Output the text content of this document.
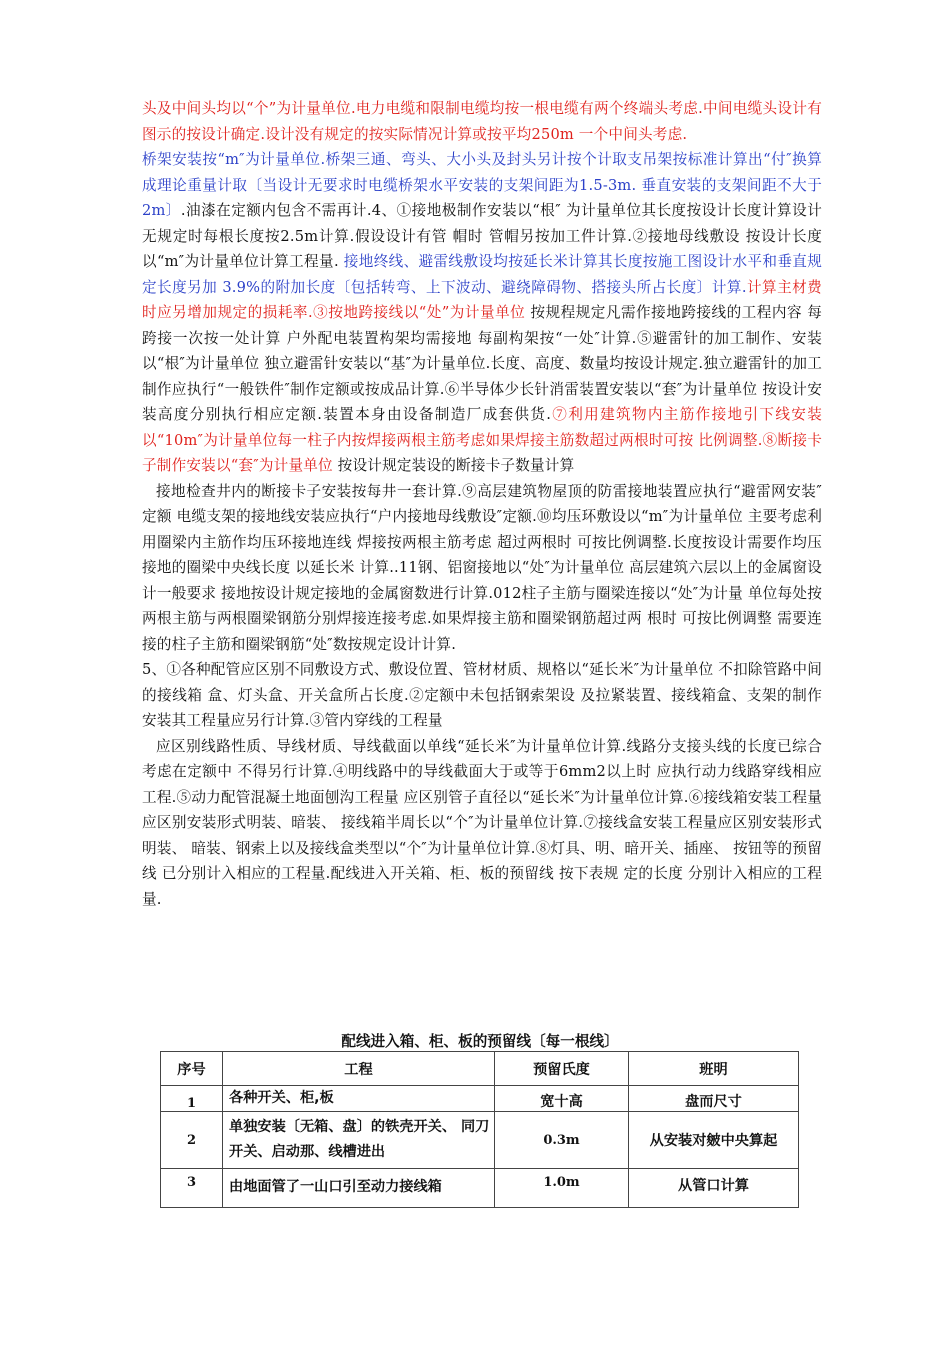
头及中间头均以“个”为计量单位.电力电缆和限制电缆均按一根电缆有两个终端头考虑.中间电缆头设计有图示的按设计确定.设计没有规定的按实际情况计算或按平均250m 一个中间头考虑.

桥架安装按“m″为计量单位.桥架三通、弯头、大小头及封头另计按个计取支吊架按标准计算出“付″换算成理论重量计取〔当设计无要求时电缆桥架水平安装的支架间距为1.5-3m. 垂直安装的支架间距不大于2m〕.油漆在定额内包含不需再计.4、①接地极制作安装以“根″ 为计量单位其长度按设计长度计算设计无规定时每根长度按2.5m计算.假设设计有管 帽时 管帽另按加工件计算.②接地母线敷设 按设计长度以“m″为计量单位计算工程量. 接地终线、避雷线敷设均按延长米计算其长度按施工图设计水平和垂直规定长度另加 3.9%的附加长度〔包括转弯、上下波动、避绕障碍物、搭接头所占长度〕计算.计算主材费时应另增加规定的损耗率.③按地跨接线以“处”为计量单位 按规程规定凡需作接地跨接线的工程内容 每跨接一次按一处计算 户外配电装置构架均需接地 每副构架按“一处″计算.⑤避雷针的加工制作、安装 以“根″为计量单位 独立避雷针安装以“基″为计量单位.长度、高度、数量均按设计规定.独立避雷针的加工制作应执行“一般铁件″制作定额或按成品计算.⑥半导体少长针消雷装置安装以“套″为计量单位 按设计安装高度分别执行相应定额.装置本身由设备制造厂成套供货.⑦利用建筑物内主筋作接地引下线安装以“10m″为计量单位每一柱子内按焊接两根主筋考虑如果焊接主筋数超过两根时可按 比例调整.⑧断接卡子制作安装以“套″为计量单位 按设计规定装设的断接卡子数量计算

接地检查井内的断接卡子安装按每井一套计算.⑨高层建筑物屋顶的防雷接地装置应执行“避雷网安装″定额 电缆支架的接地线安装应执行“户内接地母线敷设″定额.⑩均压环敷设以“m″为计量单位 主要考虑利用圈梁内主筋作均压环接地连线 焊接按两根主筋考虑 超过两根时 可按比例调整.长度按设计需要作均压接地的圈梁中央线长度 以延长米 计算..11钢、铝窗接地以“处″为计量单位 高层建筑六层以上的金属窗设计一般要求 接地按设计规定接地的金属窗数进行计算.012柱子主筋与圈梁连接以“处″为计量 单位每处按两根主筋与两根圈梁钢筋分别焊接连接考虑.如果焊接主筋和圈梁钢筋超过两 根时 可按比例调整 需要连接的柱子主筋和圈梁钢筋“处″数按规定设计计算.

5、①各种配管应区别不同敷设方式、敷设位置、管材材质、规格以“延长米″为计量单位 不扣除管路中间的接线箱 盒、灯头盒、开关盒所占长度.②定额中未包括钢索架设 及拉紧装置、接线箱盒、支架的制作安装其工程量应另行计算.③管内穿线的工程量

应区别线路性质、导线材质、导线截面以单线“延长米″为计量单位计算.线路分支接头线的长度已综合考虑在定额中 不得另行计算.④明线路中的导线截面大于或等于6mm2以上时 应执行动力线路穿线相应工程.⑤动力配管混凝土地面刨沟工程量 应区别管子直径以“延长米″为计量单位计算.⑥接线箱安装工程量应区别安装形式明装、暗装、 接线箱半周长以“个″为计量单位计算.⑦接线盒安装工程量应区别安装形式明装、 暗装、钢索上以及接线盒类型以“个″为计量单位计算.⑧灯具、明、暗开关、插座、 按钮等的预留线 已分别计入相应的工程量.配线进入开关箱、柜、板的预留线 按下表规 定的长度 分别计入相应的工程量.

配线进入箱、柜、板的预留线〔每一根线〕
序号	工程	预留氏度	班明
1	各种开关、柜,板	宽十高	盘而尺寸
2	单独安装〔无箱、盘〕的铁壳开关、 同刀开关、启动那、线槽进出	0.3m	从安装对皴中央算起
3	由地面管了一山口引至动力接线箱	1.0m	从管口计算
